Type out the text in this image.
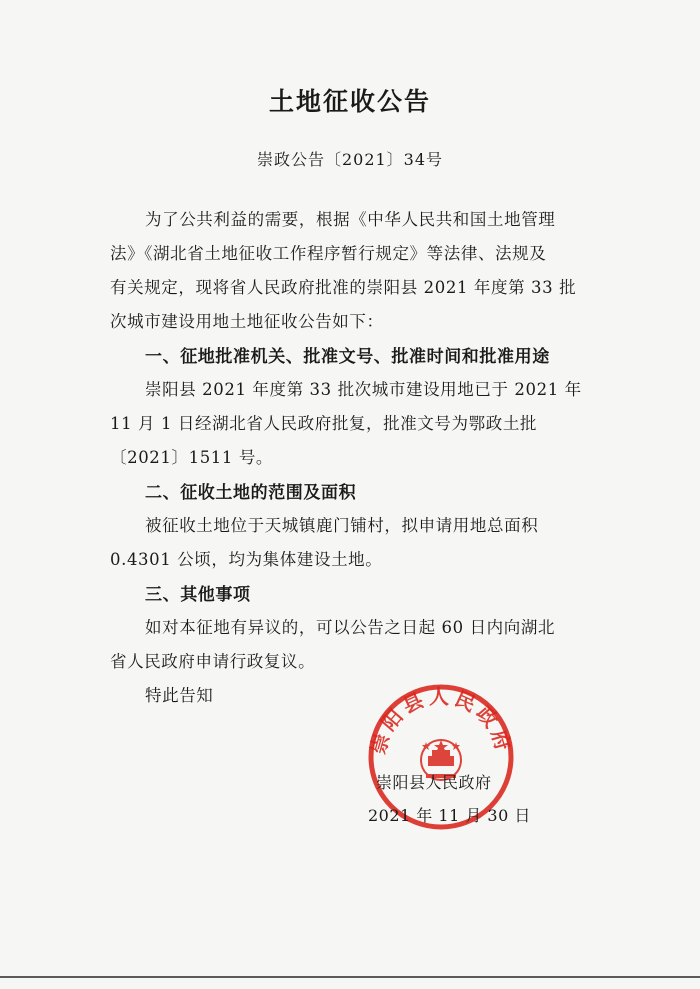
土地征收公告
崇政公告〔2021〕34号
为了公共利益的需要，根据《中华人民共和国土地管理
法》《湖北省土地征收工作程序暂行规定》等法律、法规及
有关规定，现将省人民政府批准的崇阳县 2021 年度第 33 批
次城市建设用地土地征收公告如下：
一、征地批准机关、批准文号、批准时间和批准用途
崇阳县 2021 年度第 33 批次城市建设用地已于 2021 年
11 月 1 日经湖北省人民政府批复，批准文号为鄂政土批
〔2021〕1511 号。
二、征收土地的范围及面积
被征收土地位于天城镇鹿门铺村，拟申请用地总面积
0.4301 公顷，均为集体建设土地。
三、其他事项
如对本征地有异议的，可以公告之日起 60 日内向湖北
省人民政府申请行政复议。
特此告知
崇阳县人民政府
崇阳县人民政府
2021 年 11 月 30 日
